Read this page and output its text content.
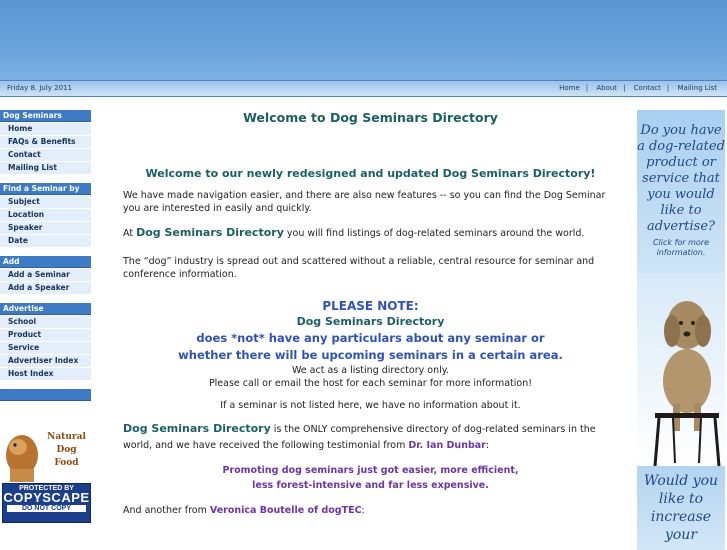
Friday 8. July 2011	Home | About | Contact | Mailing List
Dog Seminars
Home
FAQs & Benefits
Contact
Mailing List
Find a Seminar by
Subject
Location
Speaker
Date
Add
Add a Seminar
Add a Speaker
Advertise
School
Product
Service
Advertiser Index
Host Index
Natural
Dog
Food
PROTECTED BY
COPYSCAPE
DO NOT COPY
Welcome to Dog Seminars Directory
Welcome to our newly redesigned and updated Dog Seminars Directory!

We have made navigation easier, and there are also new features -- so you can find the Dog Seminar you are interested in easily and quickly.

At Dog Seminars Directory you will find listings of dog-related seminars around the world.

The “dog” industry is spread out and scattered without a reliable, central resource for seminar and conference information.

PLEASE NOTE:
Dog Seminars Directory
does *not* have any particulars about any seminar or
whether there will be upcoming seminars in a certain area.
We act as a listing directory only.
Please call or email the host for each seminar for more information!
If a seminar is not listed here, we have no information about it.

Dog Seminars Directory is the ONLY comprehensive directory of dog-related seminars in the world, and we have received the following testimonial from Dr. Ian Dunbar:

Promoting dog seminars just got easier, more efficient,
less forest-intensive and far less expensive.

And another from Veronica Boutelle of dogTEC:

Do you have
a dog-related
product or
service that
you would
like to
advertise?
Click for more
information.
Would you
like to
increase
your
